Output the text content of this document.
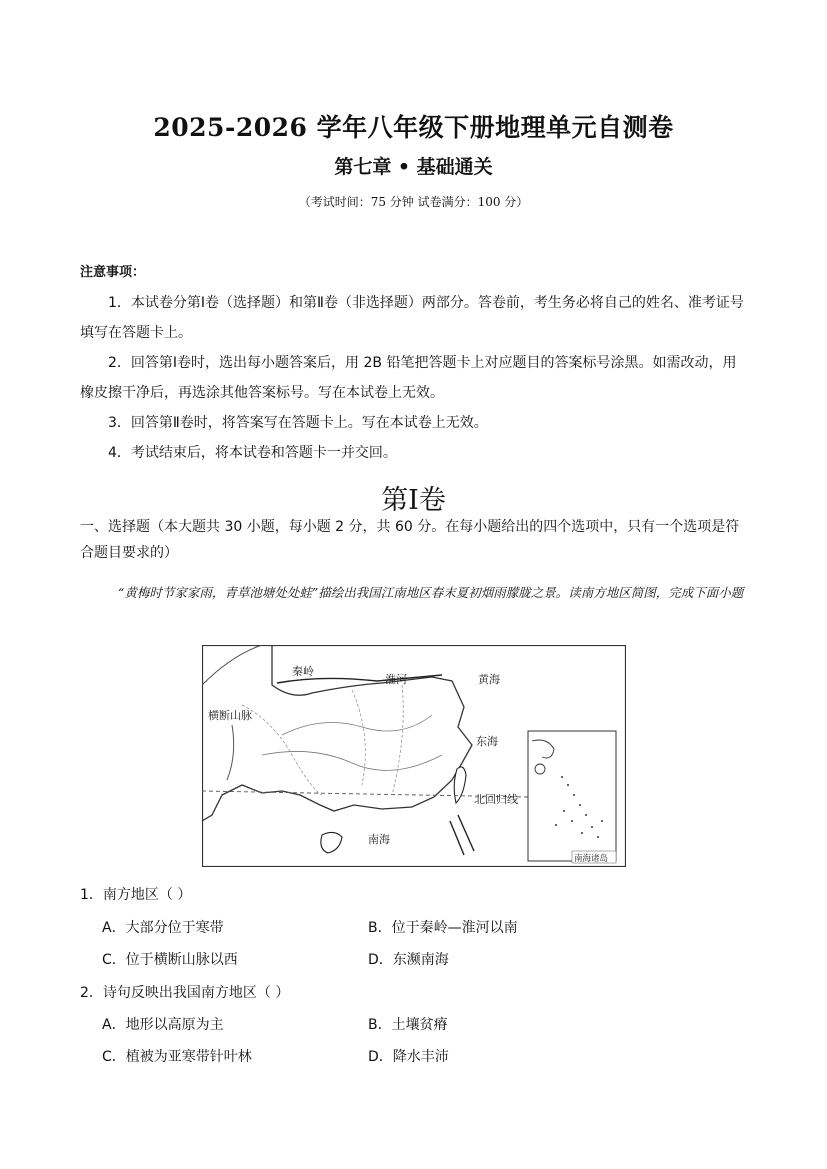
2025-2026 学年八年级下册地理单元自测卷
第七章 • 基础通关
（考试时间：75 分钟 试卷满分：100 分）
注意事项：

1．本试卷分第Ⅰ卷（选择题）和第Ⅱ卷（非选择题）两部分。答卷前，考生务必将自己的姓名、准考证号填写在答题卡上。

2．回答第Ⅰ卷时，选出每小题答案后，用 2B 铅笔把答题卡上对应题目的答案标号涂黑。如需改动，用橡皮擦干净后，再选涂其他答案标号。写在本试卷上无效。

3．回答第Ⅱ卷时，将答案写在答题卡上。写在本试卷上无效。

4．考试结束后，将本试卷和答题卡一并交回。

第Ⅰ卷
一、选择题（本大题共 30 小题，每小题 2 分，共 60 分。在每小题给出的四个选项中，只有一个选项是符合题目要求的）

“黄梅时节家家雨，青草池塘处处蛙”描绘出我国江南地区春末夏初烟雨朦胧之景。读南方地区简图，完成下面小题

秦岭
淮河	黄海
横断山脉
东海
北回归线
南海
南海诸岛
1．南方地区（ ）
A．大部分位于寒带	B．位于秦岭—淮河以南
C．位于横断山脉以西	D．东濒南海
2．诗句反映出我国南方地区（ ）
A．地形以高原为主	B．土壤贫瘠
C．植被为亚寒带针叶林	D．降水丰沛
